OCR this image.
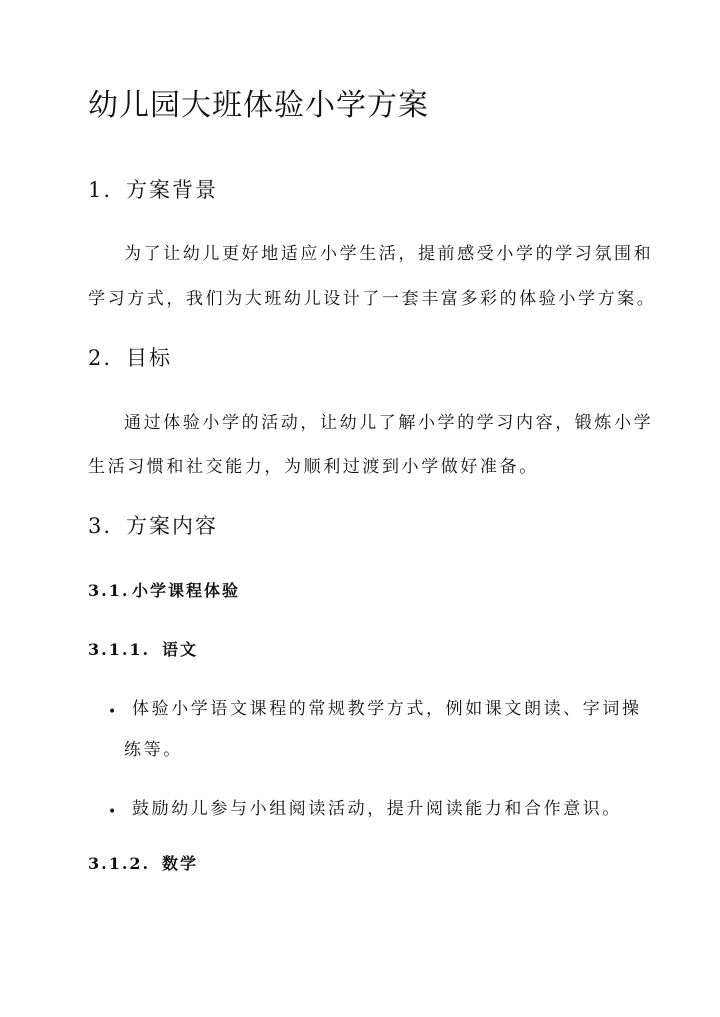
幼儿园大班体验小学方案
1. 方案背景
为了让幼儿更好地适应小学生活，提前感受小学的学习氛围和
学习方式，我们为大班幼儿设计了一套丰富多彩的体验小学方案。
2. 目标
通过体验小学的活动，让幼儿了解小学的学习内容，锻炼小学
生活习惯和社交能力，为顺利过渡到小学做好准备。
3. 方案内容
3.1. 小学课程体验
3.1.1. 语文
• 体验小学语文课程的常规教学方式，例如课文朗读、字词操
练等。
• 鼓励幼儿参与小组阅读活动，提升阅读能力和合作意识。
3.1.2. 数学
